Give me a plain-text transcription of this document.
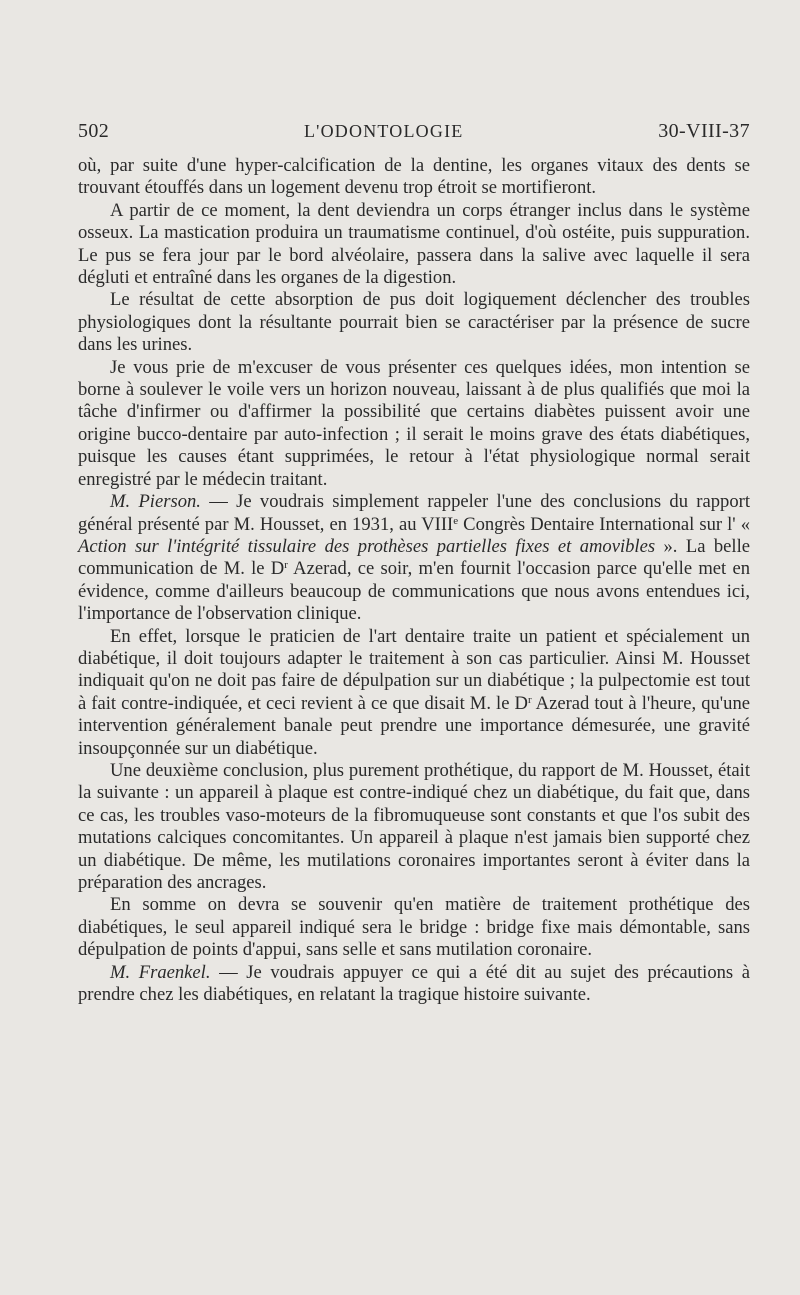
502	L'ODONTOLOGIE	30-VIII-37

où, par suite d'une hyper-calcification de la dentine, les organes vitaux des dents se trouvant étouffés dans un logement devenu trop étroit se mortifieront.

A partir de ce moment, la dent deviendra un corps étranger inclus dans le système osseux. La mastication produira un traumatisme continuel, d'où ostéite, puis suppuration. Le pus se fera jour par le bord alvéolaire, passera dans la salive avec laquelle il sera dégluti et entraîné dans les organes de la digestion.

Le résultat de cette absorption de pus doit logiquement déclencher des troubles physiologiques dont la résultante pourrait bien se caractériser par la présence de sucre dans les urines.

Je vous prie de m'excuser de vous présenter ces quelques idées, mon intention se borne à soulever le voile vers un horizon nouveau, laissant à de plus qualifiés que moi la tâche d'infirmer ou d'affirmer la possibilité que certains diabètes puissent avoir une origine bucco-dentaire par auto-infection ; il serait le moins grave des états diabétiques, puisque les causes étant supprimées, le retour à l'état physiologique normal serait enregistré par le médecin traitant.

M. Pierson. — Je voudrais simplement rappeler l'une des conclusions du rapport général présenté par M. Housset, en 1931, au VIIIe Congrès Dentaire International sur l' « Action sur l'intégrité tissulaire des prothèses partielles fixes et amovibles ». La belle communication de M. le $D^r$ Azerad, ce soir, m'en fournit l'occasion parce qu'elle met en évidence, comme d'ailleurs beaucoup de communications que nous avons entendues ici, l'importance de l'observation clinique.

En effet, lorsque le praticien de l'art dentaire traite un patient et spécialement un diabétique, il doit toujours adapter le traitement à son cas particulier. Ainsi M. Housset indiquait qu'on ne doit pas faire de dépulpation sur un diabétique ; la pulpectomie est tout à fait contre-indiquée, et ceci revient à ce que disait M. le $D^r$ Azerad tout à l'heure, qu'une intervention généralement banale peut prendre une importance démesurée, une gravité insoupçonnée sur un diabétique.

Une deuxième conclusion, plus purement prothétique, du rapport de M. Housset, était la suivante : un appareil à plaque est contre-indiqué chez un diabétique, du fait que, dans ce cas, les troubles vaso-moteurs de la fibromuqueuse sont constants et que l'os subit des mutations calciques concomitantes. Un appareil à plaque n'est jamais bien supporté chez un diabétique. De même, les mutilations coronaires importantes seront à éviter dans la préparation des ancrages.

En somme on devra se souvenir qu'en matière de traitement prothétique des diabétiques, le seul appareil indiqué sera le bridge : bridge fixe mais démontable, sans dépulpation de points d'appui, sans selle et sans mutilation coronaire.

M. Fraenkel. — Je voudrais appuyer ce qui a été dit au sujet des précautions à prendre chez les diabétiques, en relatant la tragique histoire suivante.
